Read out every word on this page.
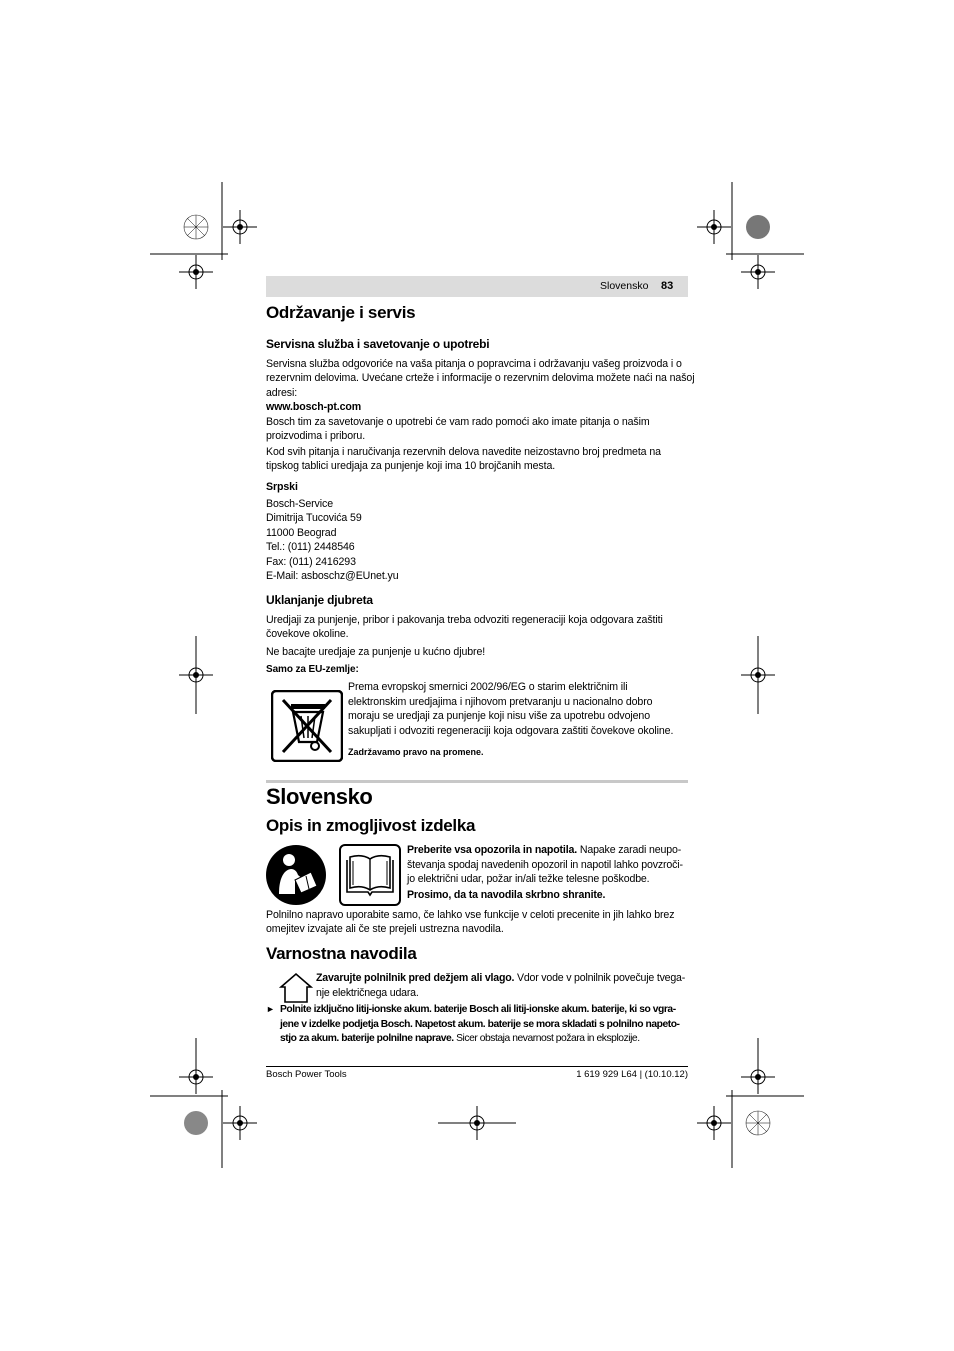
Slovensko 83
Održavanje i servis
Servisna služba i savetovanje o upotrebi
Servisna služba odgovoriće na vaša pitanja o popravcima i održavanju vašeg proizvoda i o
rezervnim delovima. Uvećane crteže i informacije o rezervnim delovima možete naći na našoj
adresi:
www.bosch-pt.com
Bosch tim za savetovanje o upotrebi će vam rado pomoći ako imate pitanja o našim
proizvodima i priboru.
Kod svih pitanja i naručivanja rezervnih delova navedite neizostavno broj predmeta na
tipskog tablici uredjaja za punjenje koji ima 10 brojčanih mesta.
Srpski
Bosch-Service
Dimitrija Tucovića 59
11000 Beograd
Tel.: (011) 2448546
Fax: (011) 2416293
E-Mail: asboschz@EUnet.yu
Uklanjanje djubreta
Uredjaji za punjenje, pribor i pakovanja treba odvoziti regeneraciji koja odgovara zaštiti
čovekove okoline.
Ne bacajte uredjaje za punjenje u kućno djubre!
Samo za EU-zemlje:
Prema evropskoj smernici 2002/96/EG o starim električnim ili
elektronskim uredjajima i njihovom pretvaranju u nacionalno dobro
moraju se uredjaji za punjenje koji nisu više za upotrebu odvojeno
sakupljati i odvoziti regeneraciji koja odgovara zaštiti čovekove okoline.
Zadržavamo pravo na promene.
Slovensko
Opis in zmogljivost izdelka
Preberite vsa opozorila in napotila. Napake zaradi neupo-
števanja spodaj navedenih opozoril in napotil lahko povzroči-
jo električni udar, požar in/ali težke telesne poškodbe.
Prosimo, da ta navodila skrbno shranite.
Polnilno napravo uporabite samo, če lahko vse funkcije v celoti precenite in jih lahko brez
omejitev izvajate ali če ste prejeli ustrezna navodila.
Varnostna navodila
Zavarujte polnilnik pred dežjem ali vlago. Vdor vode v polnilnik povečuje tvega-
nje električnega udara.
► Polnite izključno litij-ionske akum. baterije Bosch ali litij-ionske akum. baterije, ki so vgra-
jene v izdelke podjetja Bosch. Napetost akum. baterije se mora skladati s polnilno napeto-
stjo za akum. baterije polnilne naprave. Sicer obstaja nevarnost požara in eksplozije.
Bosch Power Tools	1 619 929 L64 | (10.10.12)
